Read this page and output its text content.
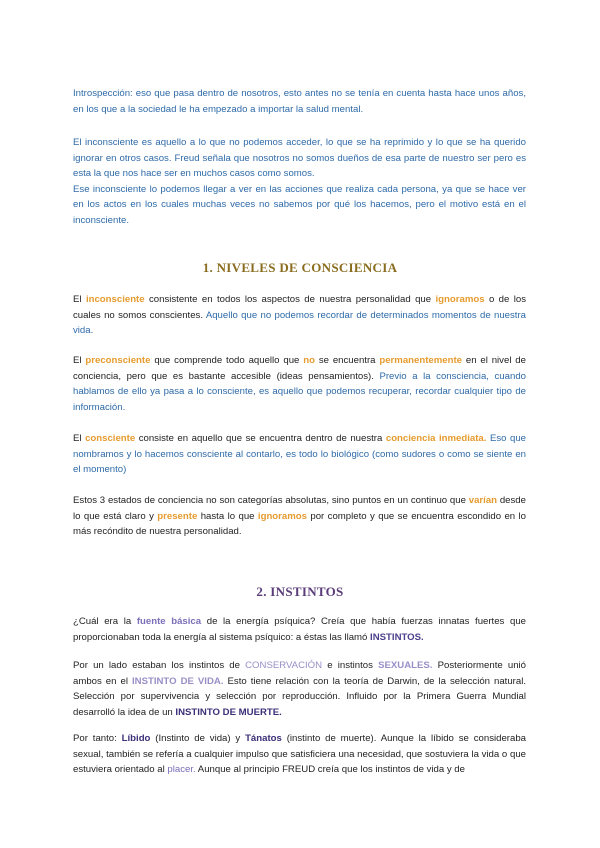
Introspección: eso que pasa dentro de nosotros, esto antes no se tenía en cuenta hasta hace unos años, en los que a la sociedad le ha empezado a importar la salud mental.

El inconsciente es aquello a lo que no podemos acceder, lo que se ha reprimido y lo que se ha querido ignorar en otros casos. Freud señala que nosotros no somos dueños de esa parte de nuestro ser pero es esta la que nos hace ser en muchos casos como somos.
Ese inconsciente lo podemos llegar a ver en las acciones que realiza cada persona, ya que se hace ver en los actos en los cuales muchas veces no sabemos por qué los hacemos, pero el motivo está en el inconsciente.

1. NIVELES DE CONSCIENCIA

El inconsciente consistente en todos los aspectos de nuestra personalidad que ignoramos o de los cuales no somos conscientes. Aquello que no podemos recordar de determinados momentos de nuestra vida.

El preconsciente que comprende todo aquello que no se encuentra permanentemente en el nivel de conciencia, pero que es bastante accesible (ideas pensamientos). Previo a la consciencia, cuando hablamos de ello ya pasa a lo consciente, es aquello que podemos recuperar, recordar cualquier tipo de información.

El consciente consiste en aquello que se encuentra dentro de nuestra conciencia inmediata. Eso que nombramos y lo hacemos consciente al contarlo, es todo lo biológico (como sudores o como se siente en el momento)

Estos 3 estados de conciencia no son categorías absolutas, sino puntos en un continuo que varían desde lo que está claro y presente hasta lo que ignoramos por completo y que se encuentra escondido en lo más recóndito de nuestra personalidad.

2. INSTINTOS

¿Cuál era la fuente básica de la energía psíquica? Creía que había fuerzas innatas fuertes que proporcionaban toda la energía al sistema psíquico: a éstas las llamó INSTINTOS.

Por un lado estaban los instintos de CONSERVACIÓN e instintos SEXUALES. Posteriormente unió ambos en el INSTINTO DE VIDA. Esto tiene relación con la teoría de Darwin, de la selección natural. Selección por supervivencia y selección por reproducción. Influido por la Primera Guerra Mundial desarrolló la idea de un INSTINTO DE MUERTE.

Por tanto: Líbido (Instinto de vida) y Tánatos (instinto de muerte). Aunque la líbido se consideraba sexual, también se refería a cualquier impulso que satisficiera una necesidad, que sostuviera la vida o que estuviera orientado al placer. Aunque al principio FREUD creía que los instintos de vida y de
